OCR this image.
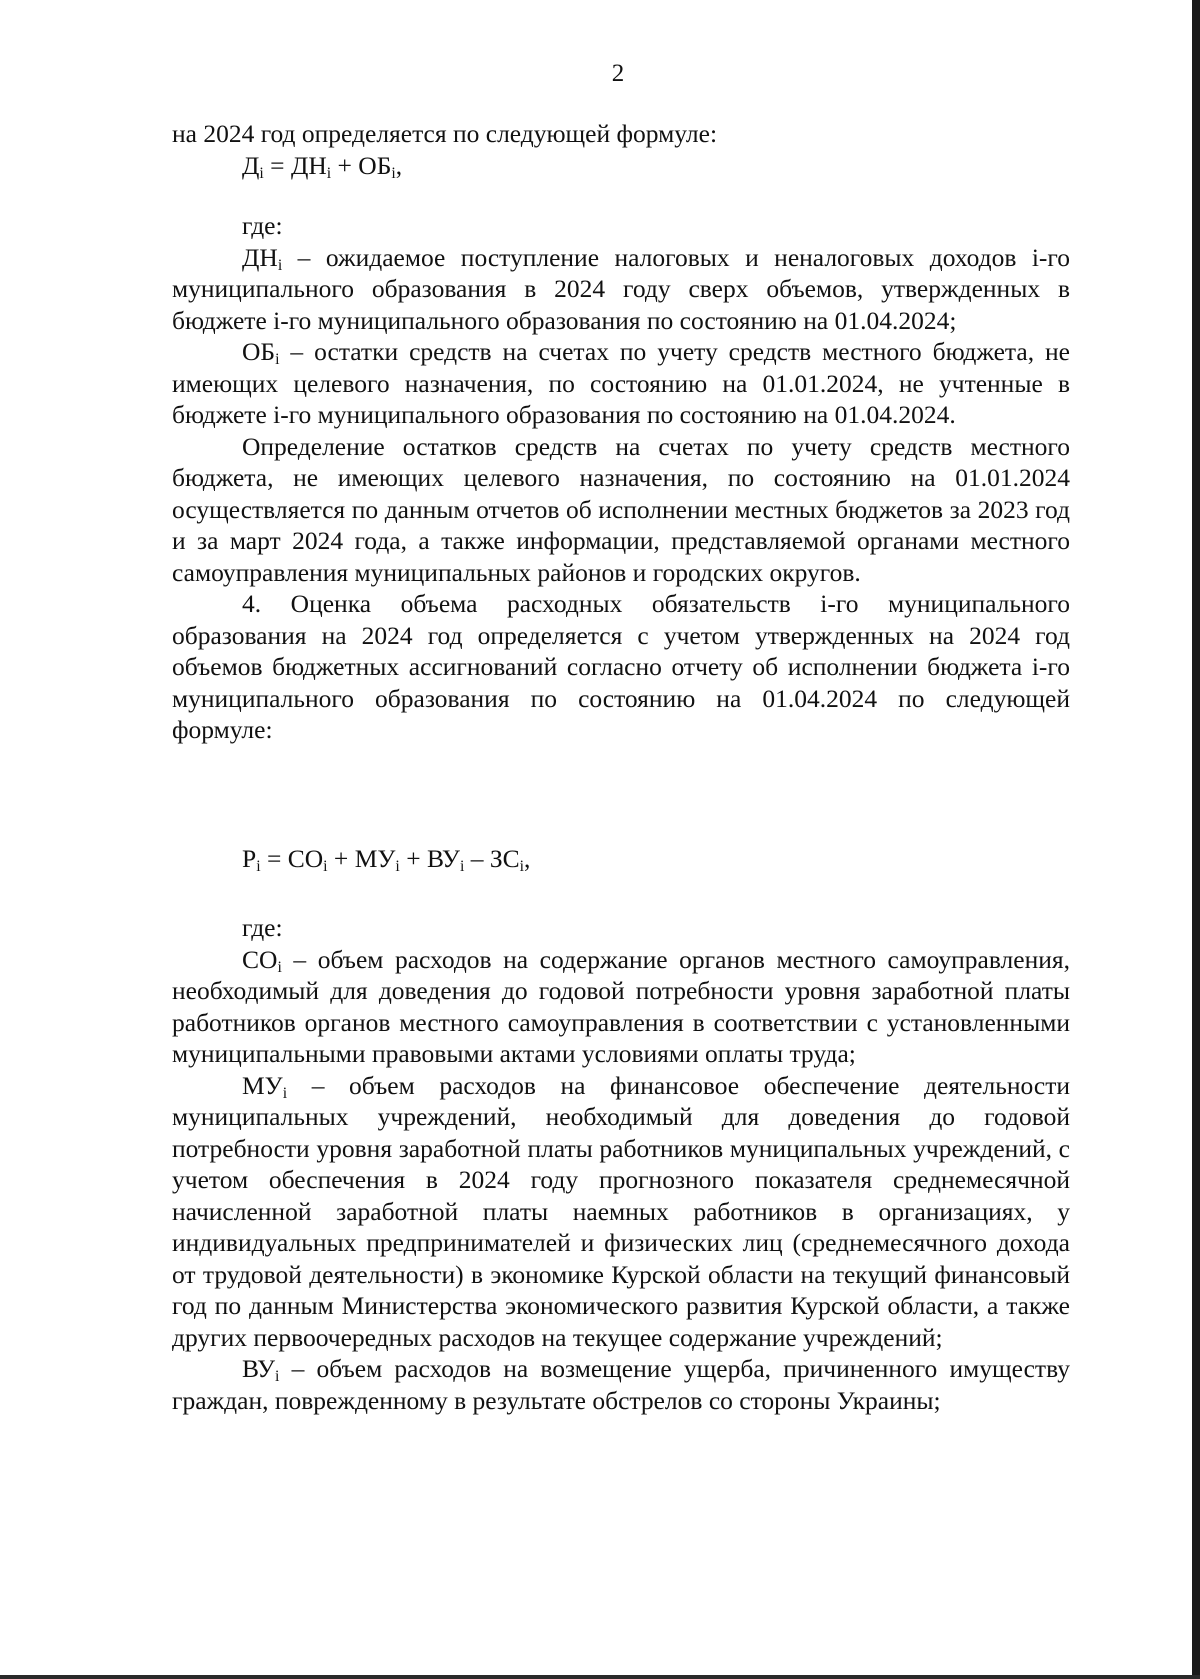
2

на 2024 год определяется по следующей формуле:

$Д_i = ДН_i + ОБ_i$,

где:

$ДН_i$ – ожидаемое поступление налоговых и неналоговых доходов i-го муниципального образования в 2024 году сверх объемов, утвержденных в бюджете i-го муниципального образования по состоянию на 01.04.2024;

$ОБ_i$ – остатки средств на счетах по учету средств местного бюджета, не имеющих целевого назначения, по состоянию на 01.01.2024, не учтенные в бюджете i-го муниципального образования по состоянию на 01.04.2024.

Определение остатков средств на счетах по учету средств местного бюджета, не имеющих целевого назначения, по состоянию на 01.01.2024 осуществляется по данным отчетов об исполнении местных бюджетов за 2023 год и за март 2024 года, а также информации, представляемой органами местного самоуправления муниципальных районов и городских округов.

4. Оценка объема расходных обязательств i-го муниципального образования на 2024 год определяется с учетом утвержденных на 2024 год объемов бюджетных ассигнований согласно отчету об исполнении бюджета i-го муниципального образования по состоянию на 01.04.2024 по следующей формуле:

$Р_i = СО_i + МУ_i + ВУ_i - ЗС_i$,

где:

$СО_i$ – объем расходов на содержание органов местного самоуправления, необходимый для доведения до годовой потребности уровня заработной платы работников органов местного самоуправления в соответствии с установленными муниципальными правовыми актами условиями оплаты труда;

$МУ_i$ – объем расходов на финансовое обеспечение деятельности муниципальных учреждений, необходимый для доведения до годовой потребности уровня заработной платы работников муниципальных учреждений, с учетом обеспечения в 2024 году прогнозного показателя среднемесячной начисленной заработной платы наемных работников в организациях, у индивидуальных предпринимателей и физических лиц (среднемесячного дохода от трудовой деятельности) в экономике Курской области на текущий финансовый год по данным Министерства экономического развития Курской области, а также других первоочередных расходов на текущее содержание учреждений;

$ВУ_i$ – объем расходов на возмещение ущерба, причиненного имуществу граждан, поврежденному в результате обстрелов со стороны Украины;
